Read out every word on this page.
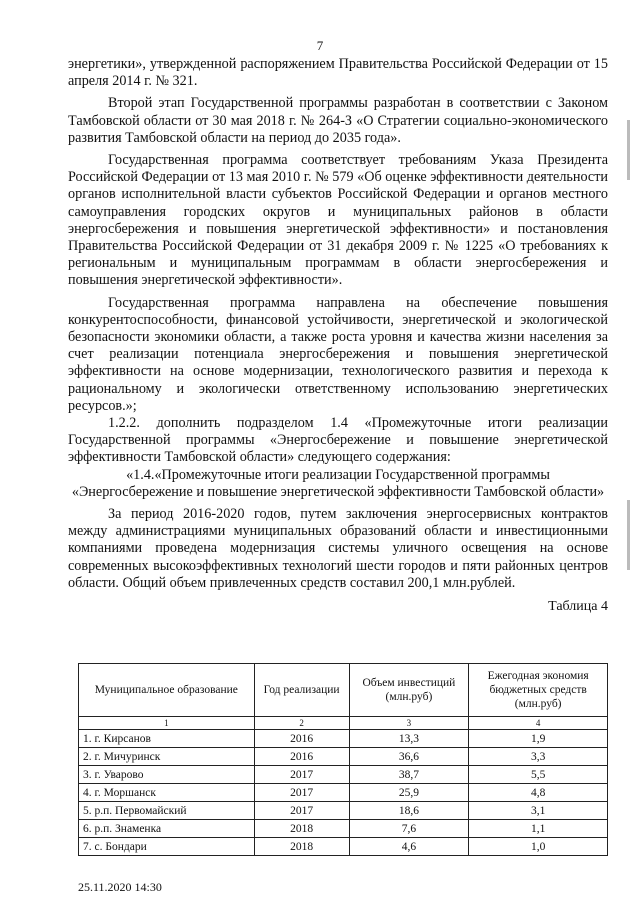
7

энергетики», утвержденной распоряжением Правительства Российской Федерации от 15 апреля 2014 г. № 321.

Второй этап Государственной программы разработан в соответствии с Законом Тамбовской области от 30 мая 2018 г. № 264-З «О Стратегии социально-экономического развития Тамбовской области на период до 2035 года».

Государственная программа соответствует требованиям Указа Президента Российской Федерации от 13 мая 2010 г. № 579 «Об оценке эффективности деятельности органов исполнительной власти субъектов Российской Федерации и органов местного самоуправления городских округов и муниципальных районов в области энергосбережения и повышения энергетической эффективности» и постановления Правительства Российской Федерации от 31 декабря 2009 г. № 1225 «О требованиях к региональным и муниципальным программам в области энергосбережения и повышения энергетической эффективности».

Государственная программа направлена на обеспечение повышения конкурентоспособности, финансовой устойчивости, энергетической и экологической безопасности экономики области, а также роста уровня и качества жизни населения за счет реализации потенциала энергосбережения и повышения энергетической эффективности на основе модернизации, технологического развития и перехода к рациональному и экологически ответственному использованию энергетических ресурсов.»;

1.2.2. дополнить подразделом 1.4 «Промежуточные итоги реализации Государственной программы «Энергосбережение и повышение энергетической эффективности Тамбовской области» следующего содержания:

«1.4.«Промежуточные итоги реализации Государственной программы «Энергосбережение и повышение энергетической эффективности Тамбовской области»

За период 2016-2020 годов, путем заключения энергосервисных контрактов между администрациями муниципальных образований области и инвестиционными компаниями проведена модернизация системы уличного освещения на основе современных высокоэффективных технологий шести городов и пяти районных центров области. Общий объем привлеченных средств составил 200,1 млн.рублей.

Таблица 4
Муниципальное образование	Год реализации	Объем инвестиций (млн.руб)	Ежегодная экономия бюджетных средств (млн.руб)
1	2	3	4
1. г. Кирсанов	2016	13,3	1,9
2. г. Мичуринск	2016	36,6	3,3
3. г. Уварово	2017	38,7	5,5
4. г. Моршанск	2017	25,9	4,8
5. р.п. Первомайский	2017	18,6	3,1
6. р.п. Знаменка	2018	7,6	1,1
7. с. Бондари	2018	4,6	1,0
25.11.2020 14:30
